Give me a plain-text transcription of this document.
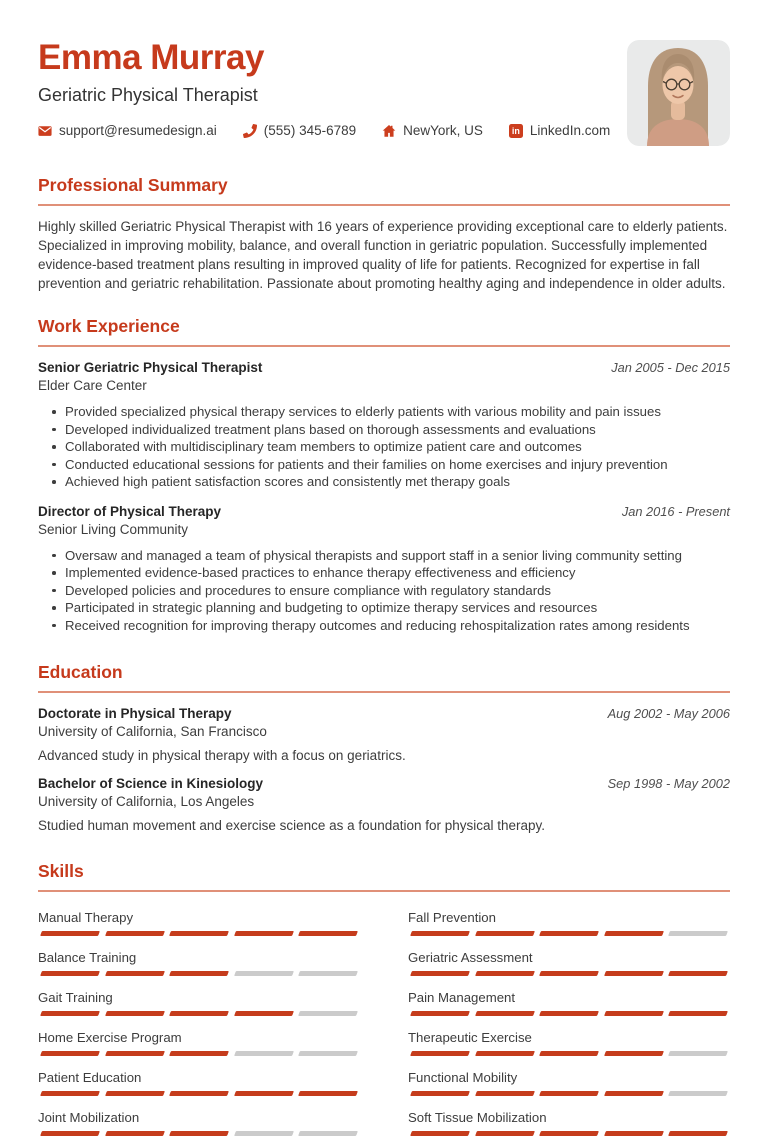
Emma Murray
Geriatric Physical Therapist
support@resumedesign.ai	(555) 345-6789	NewYork, US	in LinkedIn.com
Professional Summary

Highly skilled Geriatric Physical Therapist with 16 years of experience providing exceptional care to elderly patients. Specialized in improving mobility, balance, and overall function in geriatric population. Successfully implemented evidence-based treatment plans resulting in improved quality of life for patients. Recognized for expertise in fall prevention and geriatric rehabilitation. Passionate about promoting healthy aging and independence in older adults.

Work Experience
Senior Geriatric Physical Therapist	Jan 2005 - Dec 2015
Elder Care Center
Provided specialized physical therapy services to elderly patients with various mobility and pain issues
Developed individualized treatment plans based on thorough assessments and evaluations
Collaborated with multidisciplinary team members to optimize patient care and outcomes
Conducted educational sessions for patients and their families on home exercises and injury prevention
Achieved high patient satisfaction scores and consistently met therapy goals
Director of Physical Therapy	Jan 2016 - Present
Senior Living Community
Oversaw and managed a team of physical therapists and support staff in a senior living community setting
Implemented evidence-based practices to enhance therapy effectiveness and efficiency
Developed policies and procedures to ensure compliance with regulatory standards
Participated in strategic planning and budgeting to optimize therapy services and resources
Received recognition for improving therapy outcomes and reducing rehospitalization rates among residents
Education
Doctorate in Physical Therapy	Aug 2002 - May 2006
University of California, San Francisco
Advanced study in physical therapy with a focus on geriatrics.
Bachelor of Science in Kinesiology	Sep 1998 - May 2002
University of California, Los Angeles
Studied human movement and exercise science as a foundation for physical therapy.
Skills
Manual Therapy
Balance Training
Gait Training
Home Exercise Program
Patient Education
Joint Mobilization
Fall Prevention
Geriatric Assessment
Pain Management
Therapeutic Exercise
Functional Mobility
Soft Tissue Mobilization
